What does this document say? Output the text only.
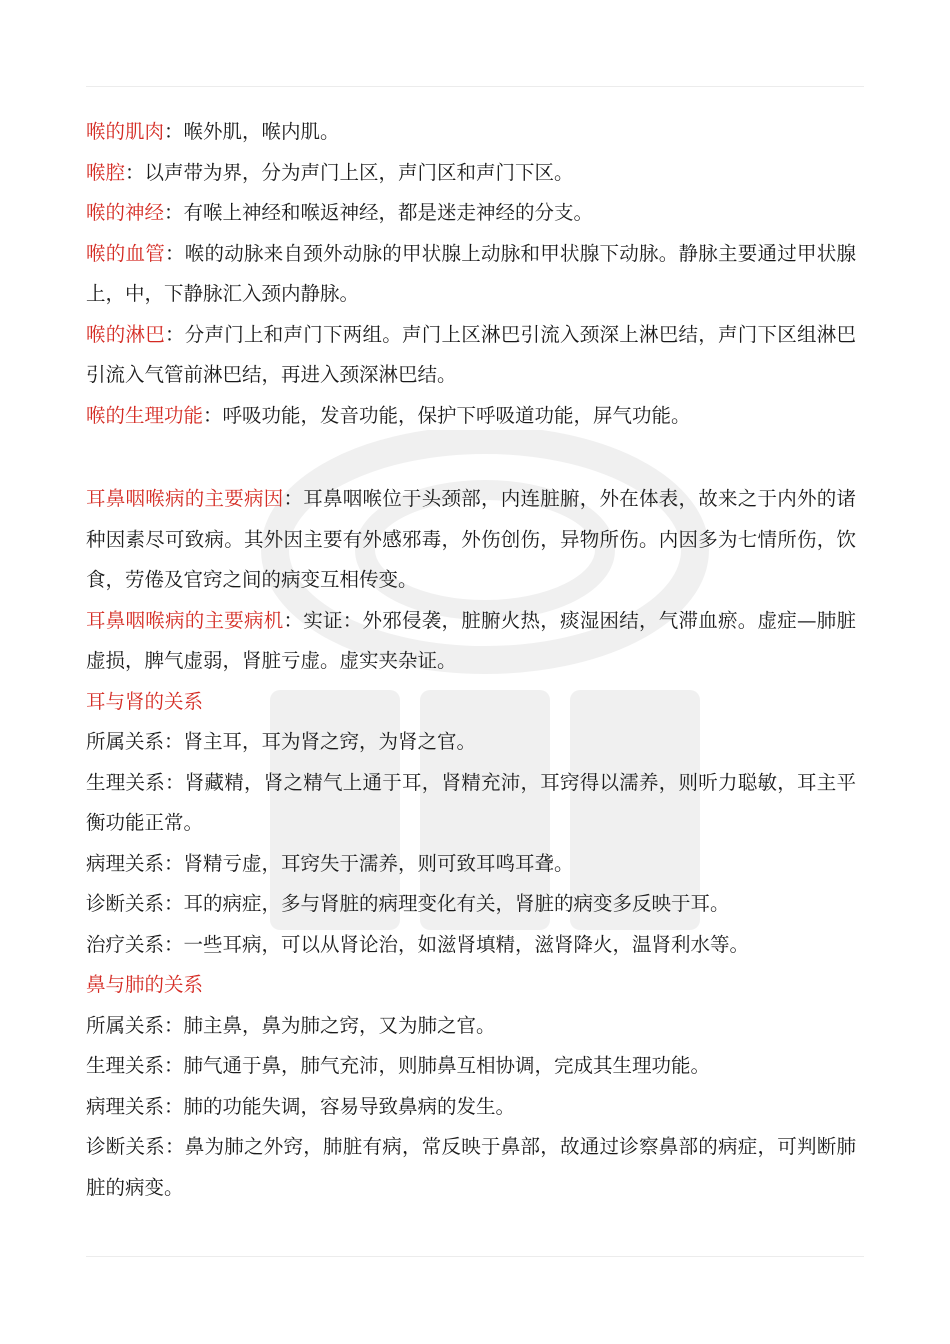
喉的肌肉：喉外肌，喉内肌。

喉腔：以声带为界，分为声门上区，声门区和声门下区。

喉的神经：有喉上神经和喉返神经，都是迷走神经的分支。

喉的血管：喉的动脉来自颈外动脉的甲状腺上动脉和甲状腺下动脉。静脉主要通过甲状腺上，中，下静脉汇入颈内静脉。

喉的淋巴：分声门上和声门下两组。声门上区淋巴引流入颈深上淋巴结，声门下区组淋巴引流入气管前淋巴结，再进入颈深淋巴结。

喉的生理功能：呼吸功能，发音功能，保护下呼吸道功能，屏气功能。

耳鼻咽喉病的主要病因：耳鼻咽喉位于头颈部，内连脏腑，外在体表，故来之于内外的诸种因素尽可致病。其外因主要有外感邪毒，外伤创伤，异物所伤。内因多为七情所伤，饮食，劳倦及官窍之间的病变互相传变。

耳鼻咽喉病的主要病机：实证：外邪侵袭，脏腑火热，痰湿困结，气滞血瘀。虚症—肺脏虚损，脾气虚弱，肾脏亏虚。虚实夹杂证。

耳与肾的关系

所属关系：肾主耳，耳为肾之窍，为肾之官。

生理关系：肾藏精，肾之精气上通于耳，肾精充沛，耳窍得以濡养，则听力聪敏，耳主平衡功能正常。

病理关系：肾精亏虚，耳窍失于濡养，则可致耳鸣耳聋。

诊断关系：耳的病症，多与肾脏的病理变化有关，肾脏的病变多反映于耳。

治疗关系：一些耳病，可以从肾论治，如滋肾填精，滋肾降火，温肾利水等。

鼻与肺的关系

所属关系：肺主鼻，鼻为肺之窍，又为肺之官。

生理关系：肺气通于鼻，肺气充沛，则肺鼻互相协调，完成其生理功能。

病理关系：肺的功能失调，容易导致鼻病的发生。

诊断关系：鼻为肺之外窍，肺脏有病，常反映于鼻部，故通过诊察鼻部的病症，可判断肺脏的病变。
